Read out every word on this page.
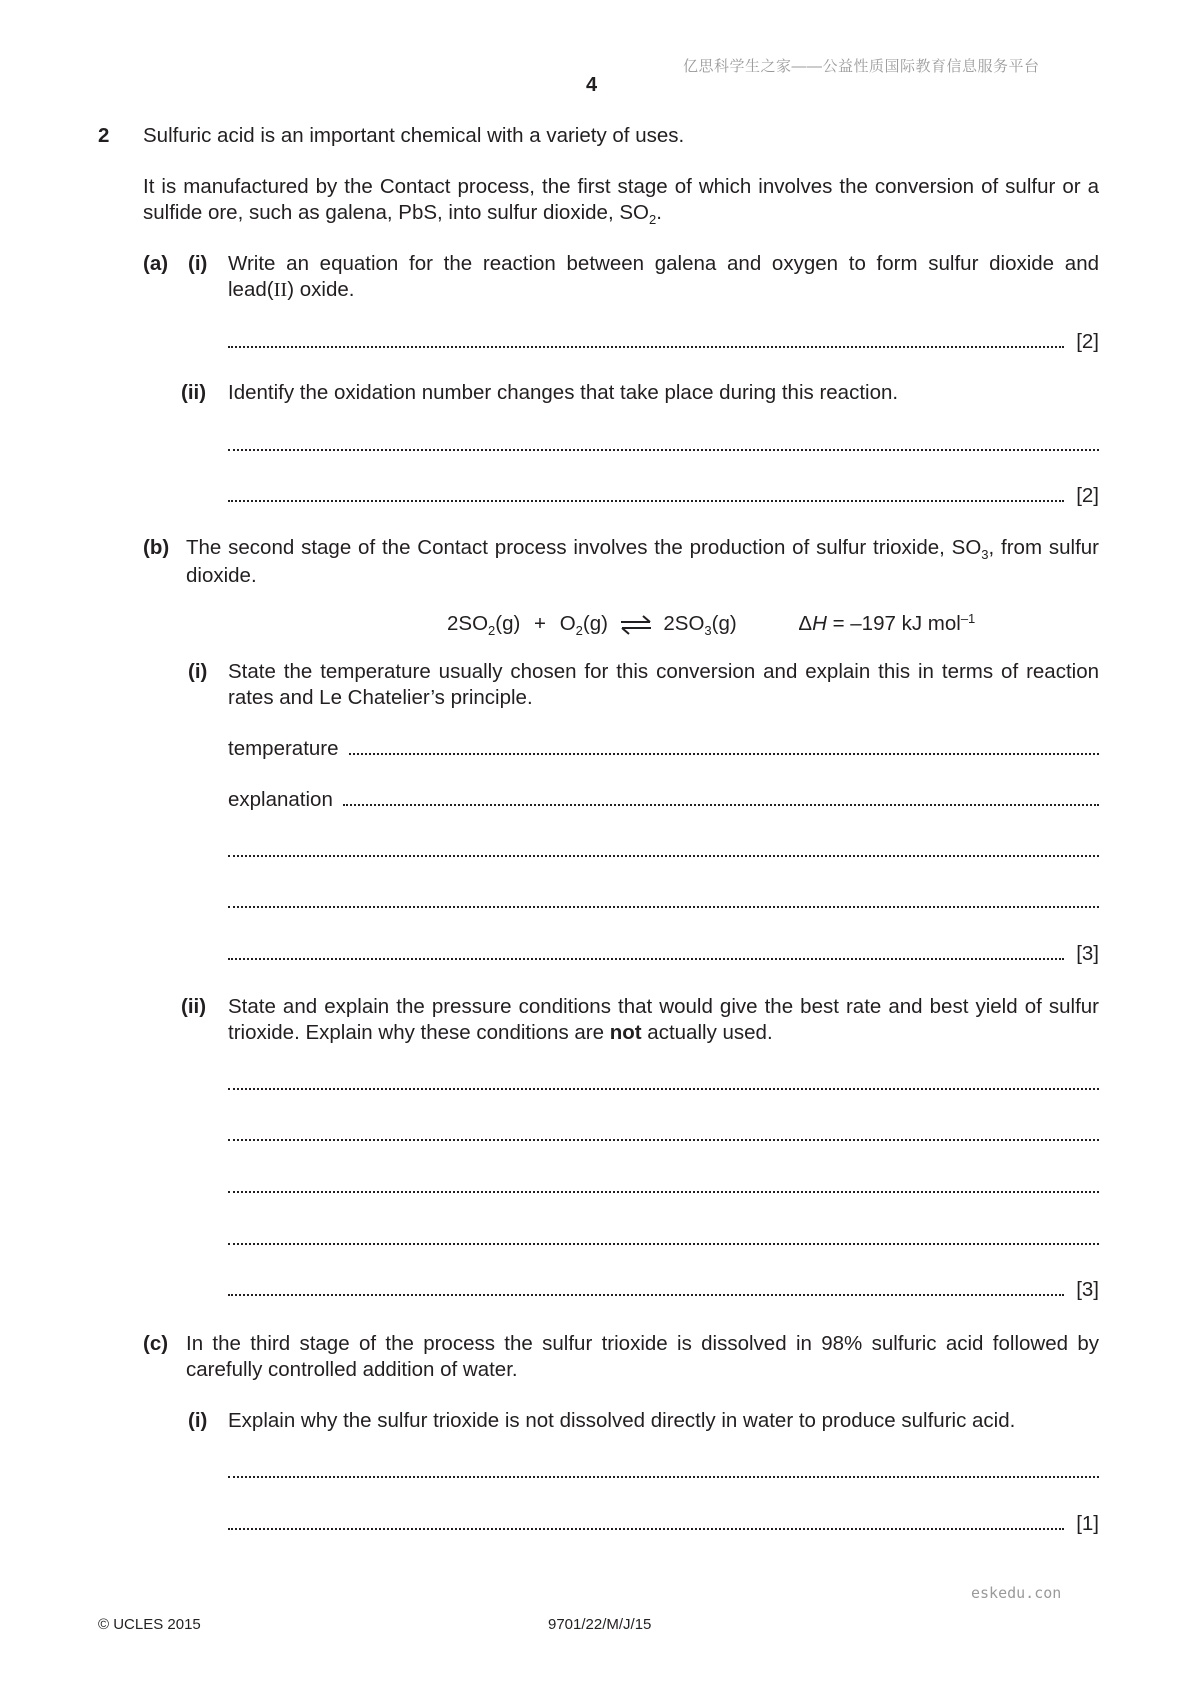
亿思科学生之家——公益性质国际教育信息服务平台
4
2 Sulfuric acid is an important chemical with a variety of uses.
It is manufactured by the Contact process, the first stage of which involves the conversion of sulfur or a sulfide ore, such as galena, PbS, into sulfur dioxide, $SO_2$.
(a) (i) Write an equation for the reaction between galena and oxygen to form sulfur dioxide and lead(II) oxide.
[2]
(ii) Identify the oxidation number changes that take place during this reaction.
[2]
(b) The second stage of the Contact process involves the production of sulfur trioxide, $SO_3$, from sulfur dioxide.
$2SO_2(g) + O_2(g)$ ⇌ $2SO_3(g)$	ΔH = –197 kJ mol$^{-1}$
(i) State the temperature usually chosen for this conversion and explain this in terms of reaction rates and Le Chatelier’s principle.
temperature
explanation
[3]
(ii) State and explain the pressure conditions that would give the best rate and best yield of sulfur trioxide. Explain why these conditions are not actually used.
[3]
(c) In the third stage of the process the sulfur trioxide is dissolved in 98% sulfuric acid followed by carefully controlled addition of water.
(i) Explain why the sulfur trioxide is not dissolved directly in water to produce sulfuric acid.
[1]
eskedu.con
© UCLES 2015	9701/22/M/J/15
